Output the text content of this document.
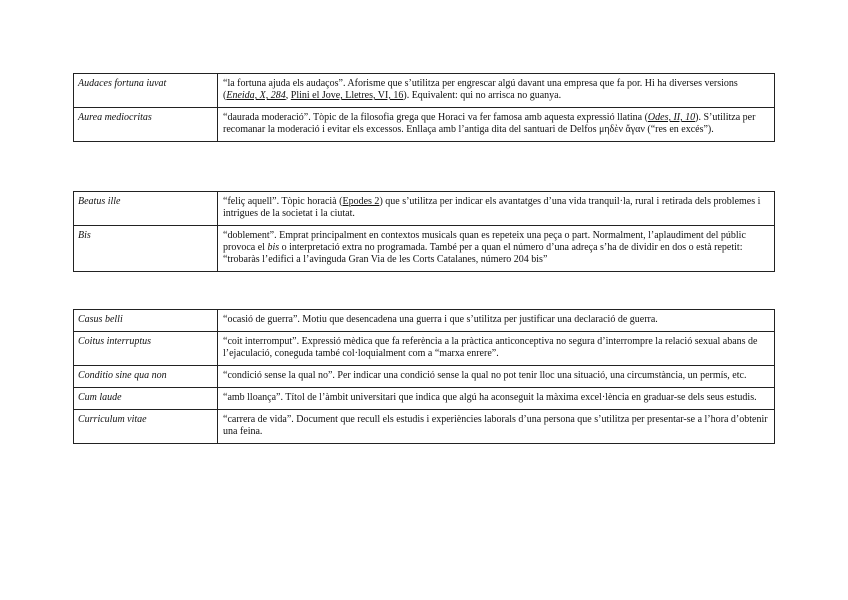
Audaces fortuna iuvat	“la fortuna ajuda els audaços”. Aforisme que s’utilitza per engrescar algú davant una empresa que fa por. Hi ha diverses versions (Eneida, X, 284, Plini el Jove, Lletres, VI, 16). Equivalent: qui no arrisca no guanya.
Aurea mediocritas	“daurada moderació”. Tòpic de la filosofia grega que Horaci va fer famosa amb aquesta expressió llatina (Odes, II, 10). S’utilitza per recomanar la moderació i evitar els excessos. Enllaça amb l’antiga dita del santuari de Delfos μηδὲν ἄγαν (“res en excés”).
Beatus ille	“feliç aquell”. Tòpic horacià (Epodes 2) que s’utilitza per indicar els avantatges d’una vida tranquil·la, rural i retirada dels problemes i intrigues de la societat i la ciutat.
Bis	“doblement”. Emprat principalment en contextos musicals quan es repeteix una peça o part. Normalment, l’aplaudiment del públic provoca el bis o interpretació extra no programada. També per a quan el número d’una adreça s’ha de dividir en dos o està repetit: “trobaràs l’edifici a l’avinguda Gran Via de les Corts Catalanes, número 204 bis”
Casus belli	“ocasió de guerra”. Motiu que desencadena una guerra i que s’utilitza per justificar una declaració de guerra.
Coitus interruptus	“coit interromput”. Expressió mèdica que fa referència a la pràctica anticonceptiva no segura d’interrompre la relació sexual abans de l’ejaculació, coneguda també col·loquialment com a “marxa enrere”.
Conditio sine qua non	“condició sense la qual no”. Per indicar una condició sense la qual no pot tenir lloc una situació, una circumstància, un permís, etc.
Cum laude	“amb lloança”. Títol de l’àmbit universitari que indica que algú ha aconseguit la màxima excel·lència en graduar-se dels seus estudis.
Curriculum vitae	“carrera de vida”. Document que recull els estudis i experiències laborals d’una persona que s’utilitza per presentar-se a l’hora d’obtenir una feina.
